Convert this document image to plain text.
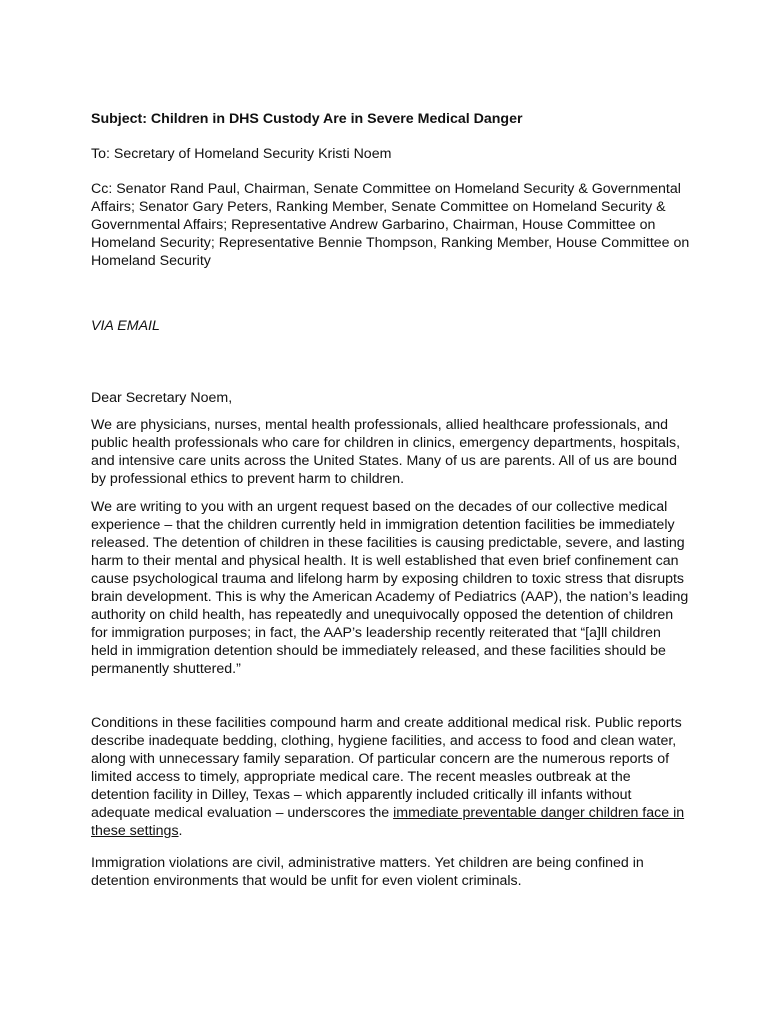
Subject: Children in DHS Custody Are in Severe Medical Danger

To: Secretary of Homeland Security Kristi Noem

Cc: Senator Rand Paul, Chairman, Senate Committee on Homeland Security & Governmental Affairs; Senator Gary Peters, Ranking Member, Senate Committee on Homeland Security & Governmental Affairs; Representative Andrew Garbarino, Chairman, House Committee on Homeland Security; Representative Bennie Thompson, Ranking Member, House Committee on Homeland Security

VIA EMAIL

Dear Secretary Noem,

We are physicians, nurses, mental health professionals, allied healthcare professionals, and public health professionals who care for children in clinics, emergency departments, hospitals, and intensive care units across the United States. Many of us are parents. All of us are bound by professional ethics to prevent harm to children.

We are writing to you with an urgent request based on the decades of our collective medical experience – that the children currently held in immigration detention facilities be immediately released. The detention of children in these facilities is causing predictable, severe, and lasting harm to their mental and physical health. It is well established that even brief confinement can cause psychological trauma and lifelong harm by exposing children to toxic stress that disrupts brain development. This is why the American Academy of Pediatrics (AAP), the nation’s leading authority on child health, has repeatedly and unequivocally opposed the detention of children for immigration purposes; in fact, the AAP’s leadership recently reiterated that “[a]ll children held in immigration detention should be immediately released, and these facilities should be permanently shuttered.”

Conditions in these facilities compound harm and create additional medical risk. Public reports describe inadequate bedding, clothing, hygiene facilities, and access to food and clean water, along with unnecessary family separation. Of particular concern are the numerous reports of limited access to timely, appropriate medical care. The recent measles outbreak at the detention facility in Dilley, Texas – which apparently included critically ill infants without adequate medical evaluation – underscores the immediate preventable danger children face in these settings.

Immigration violations are civil, administrative matters. Yet children are being confined in detention environments that would be unfit for even violent criminals.
